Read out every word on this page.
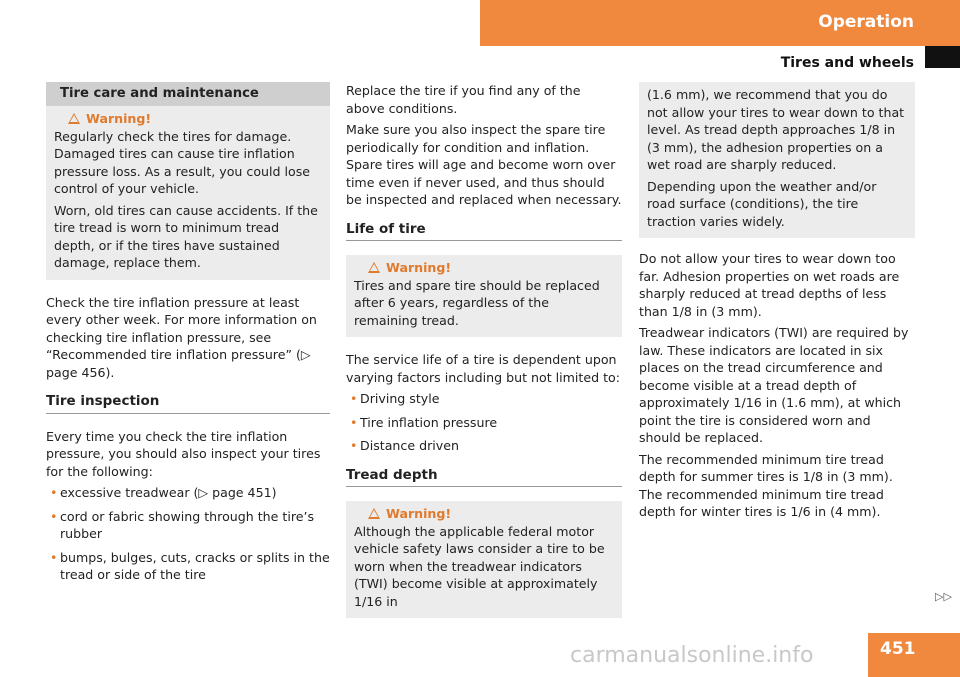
Operation
Tires and wheels
Tire care and maintenance
Warning!

Regularly check the tires for damage. Damaged tires can cause tire inflation pressure loss. As a result, you could lose control of your vehicle.

Worn, old tires can cause accidents. If the tire tread is worn to minimum tread depth, or if the tires have sustained damage, replace them.

Check the tire inflation pressure at least every other week. For more information on checking tire inflation pressure, see “Recommended tire inflation pressure” (▷ page 456).

Tire inspection

Every time you check the tire inflation pressure, you should also inspect your tires for the following:

• excessive treadwear (▷ page 451)
• cord or fabric showing through the tire’s rubber
• bumps, bulges, cuts, cracks or splits in the tread or side of the tire

Replace the tire if you find any of the above conditions.

Make sure you also inspect the spare tire periodically for condition and inflation. Spare tires will age and become worn over time even if never used, and thus should be inspected and replaced when necessary.

Life of tire
Warning!

Tires and spare tire should be replaced after 6 years, regardless of the remaining tread.

The service life of a tire is dependent upon varying factors including but not limited to:

• Driving style
• Tire inflation pressure
• Distance driven
Tread depth
Warning!

Although the applicable federal motor vehicle safety laws consider a tire to be worn when the treadwear indicators (TWI) become visible at approximately 1/16 in

(1.6 mm), we recommend that you do not allow your tires to wear down to that level. As tread depth approaches 1/8 in (3 mm), the adhesion properties on a wet road are sharply reduced.

Depending upon the weather and/or road surface (conditions), the tire traction varies widely.

Do not allow your tires to wear down too far. Adhesion properties on wet roads are sharply reduced at tread depths of less than 1/8 in (3 mm).

Treadwear indicators (TWI) are required by law. These indicators are located in six places on the tread circumference and become visible at a tread depth of approximately 1/16 in (1.6 mm), at which point the tire is considered worn and should be replaced.

The recommended minimum tire tread depth for summer tires is 1/8 in (3 mm). The recommended minimum tire tread depth for winter tires is 1/6 in (4 mm).

▷▷
451
carmanualsonline.info
